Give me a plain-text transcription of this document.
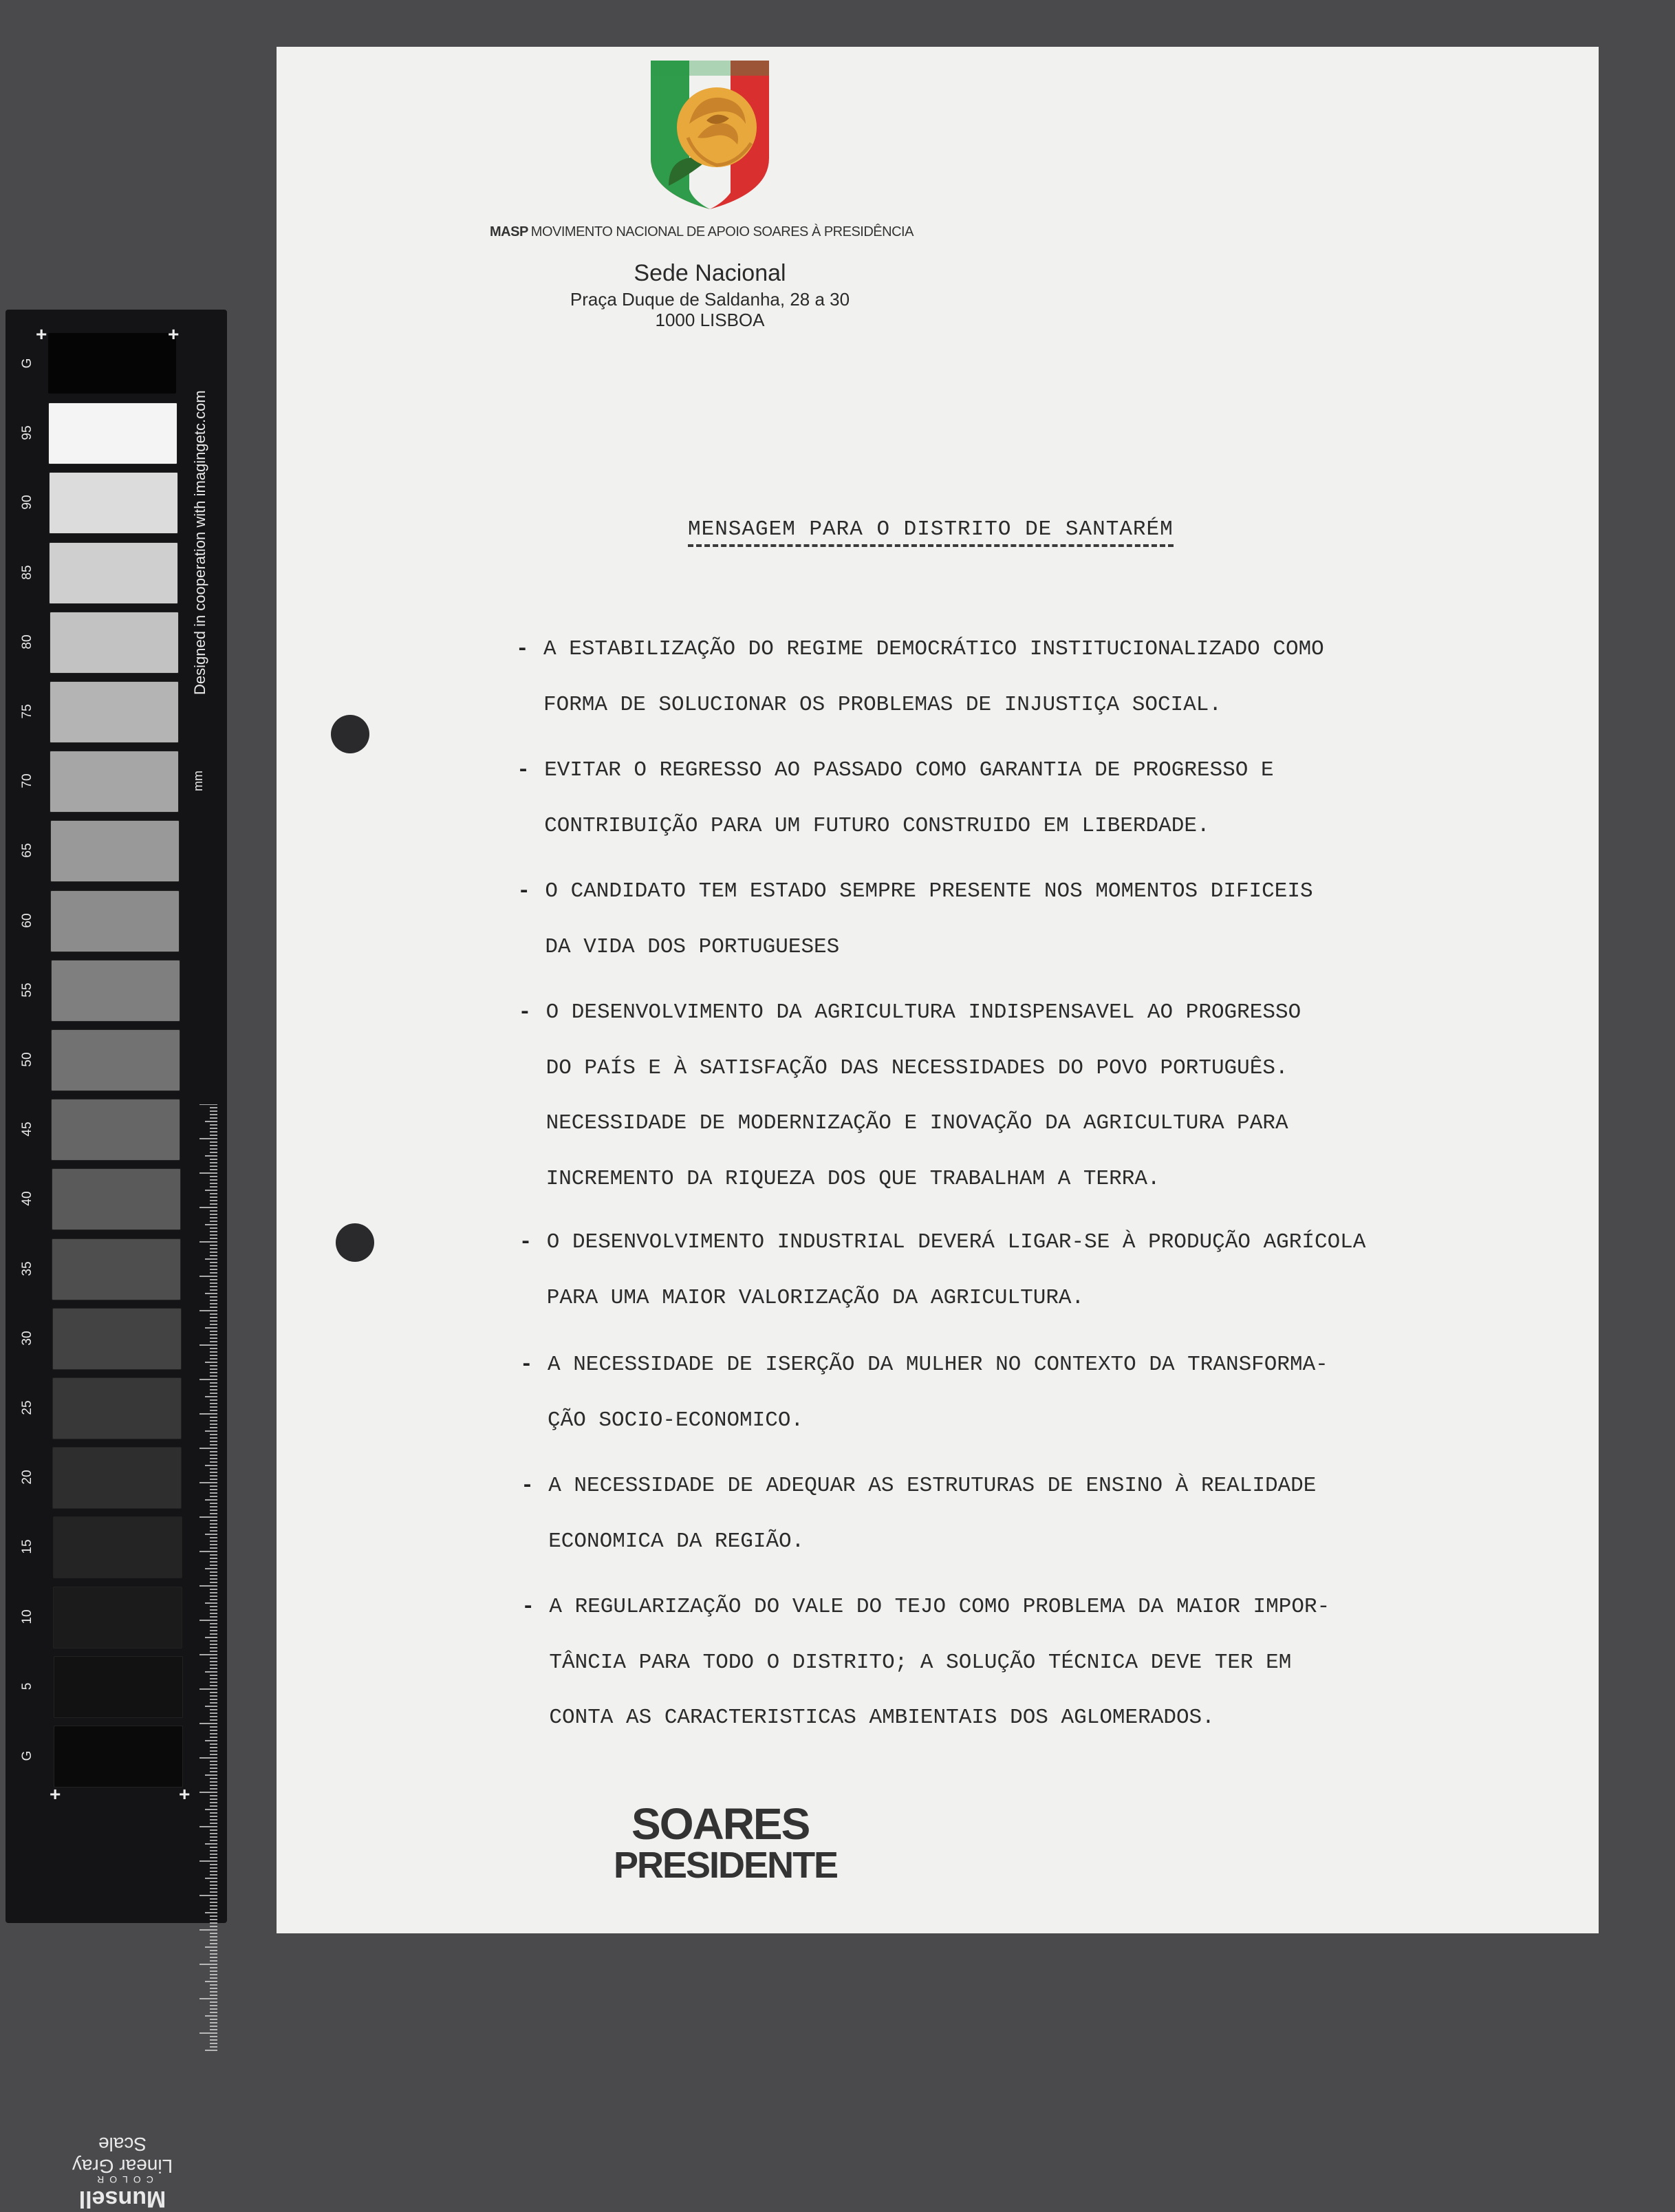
G
95
90
85
80
75
70
65
60
55
50
45
40
35
30
25
20
15
10
5
G
+	+
+	+
Designed in cooperation with imagingetc.com
mm
Linear Gray Scale
Munsell
COLOR
MASP MOVIMENTO NACIONAL DE APOIO SOARES À PRESIDÊNCIA
Sede Nacional
Praça Duque de Saldanha, 28 a 30
1000 LISBOA
MENSAGEM PARA O DISTRITO DE SANTARÉM
- A ESTABILIZAÇÃO DO REGIME DEMOCRÁTICO INSTITUCIONALIZADO COMO
FORMA DE SOLUCIONAR OS PROBLEMAS DE INJUSTIÇA SOCIAL.
- EVITAR O REGRESSO AO PASSADO COMO GARANTIA DE PROGRESSO E
CONTRIBUIÇÃO PARA UM FUTURO CONSTRUIDO EM LIBERDADE.
- O CANDIDATO TEM ESTADO SEMPRE PRESENTE NOS MOMENTOS DIFICEIS
DA VIDA DOS PORTUGUESES
- O DESENVOLVIMENTO DA AGRICULTURA INDISPENSAVEL AO PROGRESSO
DO PAÍS E À SATISFAÇÃO DAS NECESSIDADES DO POVO PORTUGUÊS.
NECESSIDADE DE MODERNIZAÇÃO E INOVAÇÃO DA AGRICULTURA PARA
INCREMENTO DA RIQUEZA DOS QUE TRABALHAM A TERRA.
- O DESENVOLVIMENTO INDUSTRIAL DEVERÁ LIGAR-SE À PRODUÇÃO AGRÍCOLA
PARA UMA MAIOR VALORIZAÇÃO DA AGRICULTURA.
- A NECESSIDADE DE ISERÇÃO DA MULHER NO CONTEXTO DA TRANSFORMA-
ÇÃO SOCIO-ECONOMICO.
- A NECESSIDADE DE ADEQUAR AS ESTRUTURAS DE ENSINO À REALIDADE
ECONOMICA DA REGIÃO.
- A REGULARIZAÇÃO DO VALE DO TEJO COMO PROBLEMA DA MAIOR IMPOR-
TÂNCIA PARA TODO O DISTRITO; A SOLUÇÃO TÉCNICA DEVE TER EM
CONTA AS CARACTERISTICAS AMBIENTAIS DOS AGLOMERADOS.
SOARES
PRESIDENTE
